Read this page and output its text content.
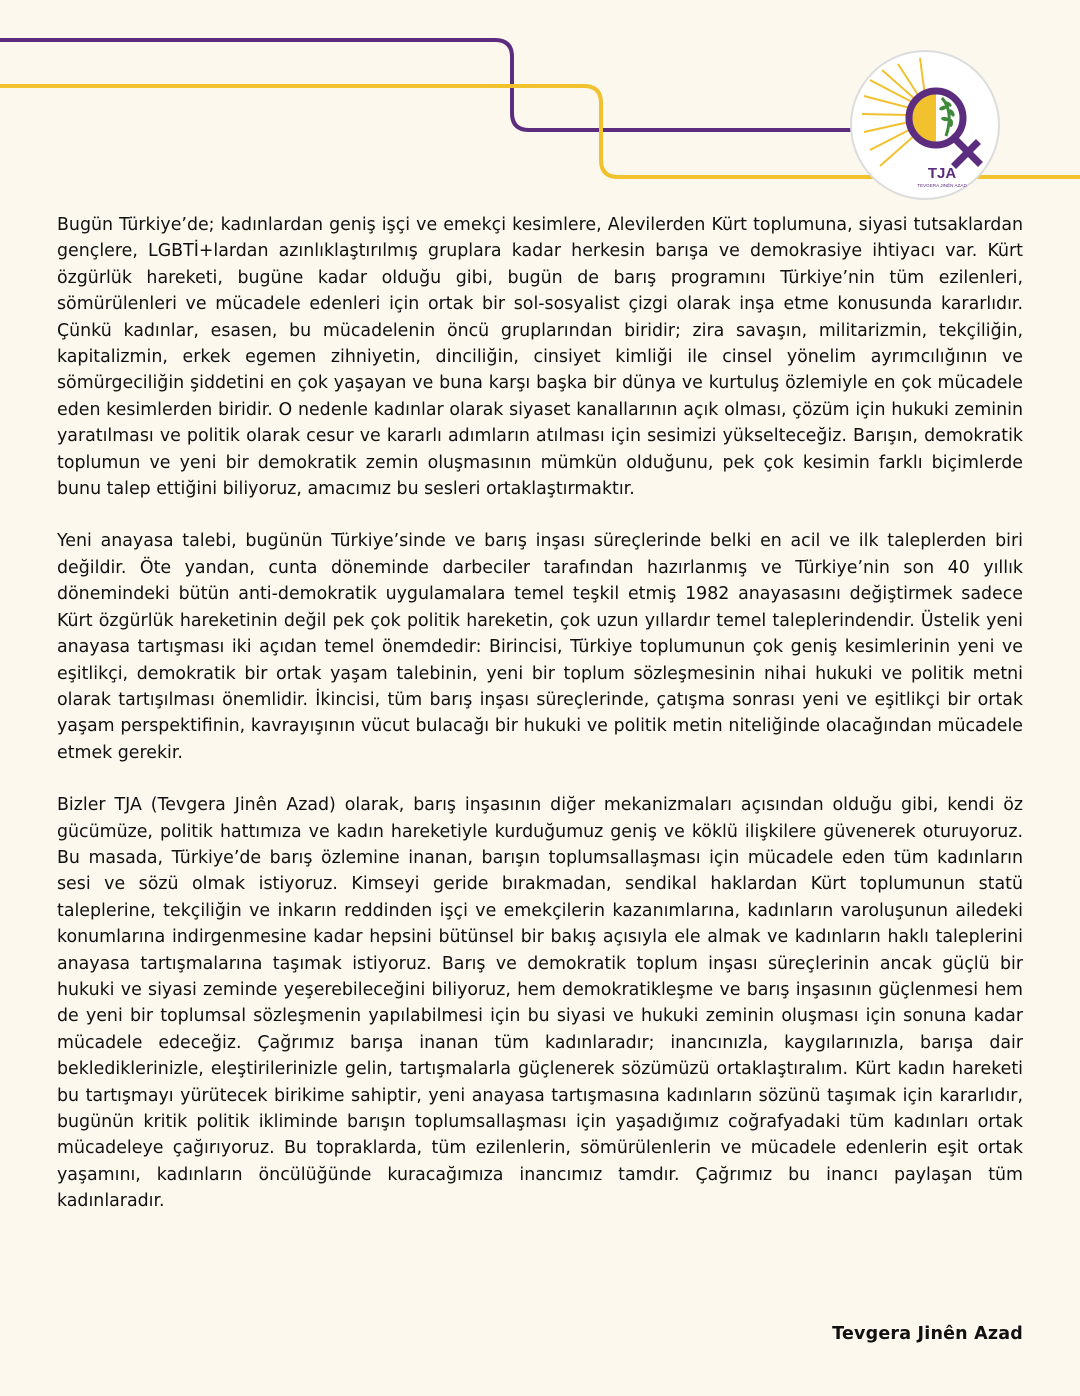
TJA
TEVGERA JINÊN AZAD

Bugün Türkiye’de; kadınlardan geniş işçi ve emekçi kesimlere, Alevilerden Kürt toplumuna, siyasi tutsaklardan gençlere, LGBTİ+lardan azınlıklaştırılmış gruplara kadar herkesin barışa ve demokrasiye ihtiyacı var. Kürt özgürlük hareketi, bugüne kadar olduğu gibi, bugün de barış programını Türkiye’nin tüm ezilenleri, sömürülenleri ve mücadele edenleri için ortak bir sol-sosyalist çizgi olarak inşa etme konusunda kararlıdır. Çünkü kadınlar, esasen, bu mücadelenin öncü gruplarından biridir; zira savaşın, militarizmin, tekçiliğin, kapitalizmin, erkek egemen zihniyetin, dinciliğin, cinsiyet kimliği ile cinsel yönelim ayrımcılığının ve sömürgeciliğin şiddetini en çok yaşayan ve buna karşı başka bir dünya ve kurtuluş özlemiyle en çok mücadele eden kesimlerden biridir. O nedenle kadınlar olarak siyaset kanallarının açık olması, çözüm için hukuki zeminin yaratılması ve politik olarak cesur ve kararlı adımların atılması için sesimizi yükselteceğiz. Barışın, demokratik toplumun ve yeni bir demokratik zemin oluşmasının mümkün olduğunu, pek çok kesimin farklı biçimlerde bunu talep ettiğini biliyoruz, amacımız bu sesleri ortaklaştırmaktır.

Yeni anayasa talebi, bugünün Türkiye’sinde ve barış inşası süreçlerinde belki en acil ve ilk taleplerden biri değildir. Öte yandan, cunta döneminde darbeciler tarafından hazırlanmış ve Türkiye’nin son 40 yıllık dönemindeki bütün anti-demokratik uygulamalara temel teşkil etmiş 1982 anayasasını değiştirmek sadece Kürt özgürlük hareketinin değil pek çok politik hareketin, çok uzun yıllardır temel taleplerindendir. Üstelik yeni anayasa tartışması iki açıdan temel önemdedir: Birincisi, Türkiye toplumunun çok geniş kesimlerinin yeni ve eşitlikçi, demokratik bir ortak yaşam talebinin, yeni bir toplum sözleşmesinin nihai hukuki ve politik metni olarak tartışılması önemlidir. İkincisi, tüm barış inşası süreçlerinde, çatışma sonrası yeni ve eşitlikçi bir ortak yaşam perspektifinin, kavrayışının vücut bulacağı bir hukuki ve politik metin niteliğinde olacağından mücadele etmek gerekir.

Bizler TJA (Tevgera Jinên Azad) olarak, barış inşasının diğer mekanizmaları açısından olduğu gibi, kendi öz gücümüze, politik hattımıza ve kadın hareketiyle kurduğumuz geniş ve köklü ilişkilere güvenerek oturuyoruz. Bu masada, Türkiye’de barış özlemine inanan, barışın toplumsallaşması için mücadele eden tüm kadınların sesi ve sözü olmak istiyoruz. Kimseyi geride bırakmadan, sendikal haklardan Kürt toplumunun statü taleplerine, tekçiliğin ve inkarın reddinden işçi ve emekçilerin kazanımlarına, kadınların varoluşunun ailedeki konumlarına indirgenmesine kadar hepsini bütünsel bir bakış açısıyla ele almak ve kadınların haklı taleplerini anayasa tartışmalarına taşımak istiyoruz. Barış ve demokratik toplum inşası süreçlerinin ancak güçlü bir hukuki ve siyasi zeminde yeşerebileceğini biliyoruz, hem demokratikleşme ve barış inşasının güçlenmesi hem de yeni bir toplumsal sözleşmenin yapılabilmesi için bu siyasi ve hukuki zeminin oluşması için sonuna kadar mücadele edeceğiz. Çağrımız barışa inanan tüm kadınlaradır; inancınızla, kaygılarınızla, barışa dair beklediklerinizle, eleştirilerinizle gelin, tartışmalarla güçlenerek sözümüzü ortaklaştıralım. Kürt kadın hareketi bu tartışmayı yürütecek birikime sahiptir, yeni anayasa tartışmasına kadınların sözünü taşımak için kararlıdır, bugünün kritik politik ikliminde barışın toplumsallaşması için yaşadığımız coğrafyadaki tüm kadınları ortak mücadeleye çağırıyoruz. Bu topraklarda, tüm ezilenlerin, sömürülenlerin ve mücadele edenlerin eşit ortak yaşamını, kadınların öncülüğünde kuracağımıza inancımız tamdır. Çağrımız bu inancı paylaşan tüm kadınlaradır.

Tevgera Jinên Azad
